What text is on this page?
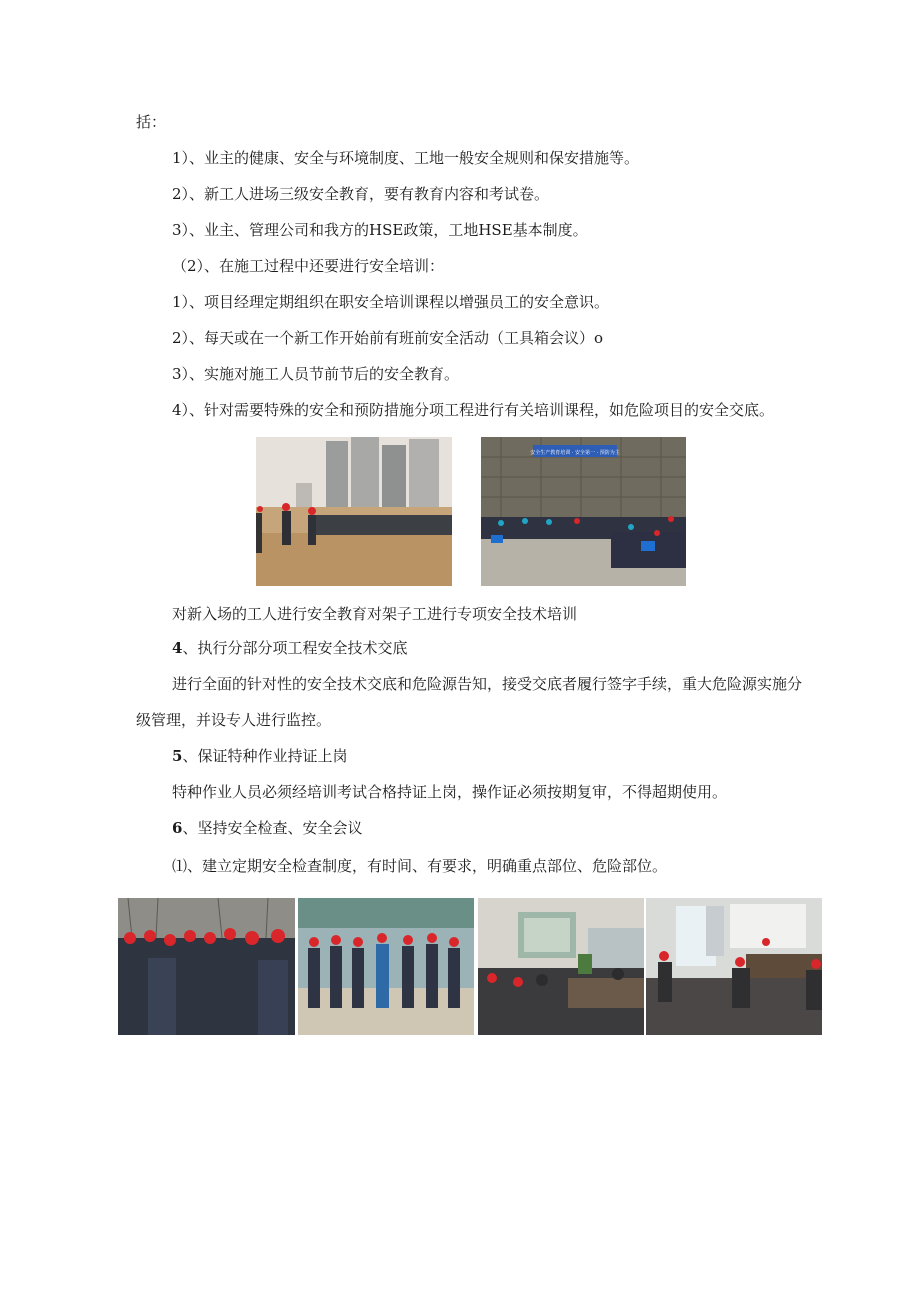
括：
1）、业主的健康、安全与环境制度、工地一般安全规则和保安措施等。
2）、新工人进场三级安全教育，要有教育内容和考试卷。
3）、业主、管理公司和我方的HSE政策，工地HSE基本制度。
（2）、在施工过程中还要进行安全培训：
1）、项目经理定期组织在职安全培训课程以增强员工的安全意识。
2）、每天或在一个新工作开始前有班前安全活动（工具箱会议）o
3）、实施对施工人员节前节后的安全教育。
4）、针对需要特殊的安全和预防措施分项工程进行有关培训课程，如危险项目的安全交底。
安全生产教育培训 · 安全第一 · 预防为主
对新入场的工人进行安全教育对架子工进行专项安全技术培训
4、执行分部分项工程安全技术交底
进行全面的针对性的安全技术交底和危险源告知，接受交底者履行签字手续，重大危险源实施分
级管理，并设专人进行监控。
5、保证特种作业持证上岗
特种作业人员必须经培训考试合格持证上岗，操作证必须按期复审，不得超期使用。
6、坚持安全检查、安全会议
⑴、建立定期安全检查制度，有时间、有要求，明确重点部位、危险部位。
